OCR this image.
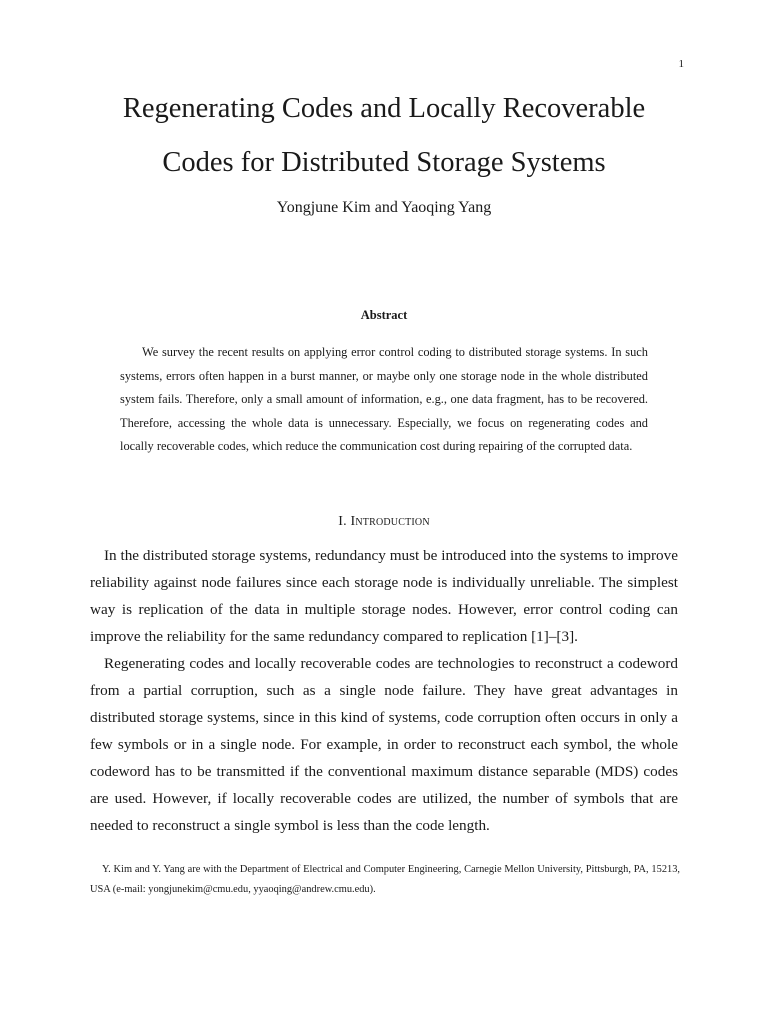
1
Regenerating Codes and Locally Recoverable
Codes for Distributed Storage Systems
Yongjune Kim and Yaoqing Yang
Abstract

We survey the recent results on applying error control coding to distributed storage systems. In such systems, errors often happen in a burst manner, or maybe only one storage node in the whole distributed system fails. Therefore, only a small amount of information, e.g., one data fragment, has to be recovered. Therefore, accessing the whole data is unnecessary. Especially, we focus on regenerating codes and locally recoverable codes, which reduce the communication cost during repairing of the corrupted data.

I. Introduction

In the distributed storage systems, redundancy must be introduced into the systems to improve reliability against node failures since each storage node is individually unreliable. The simplest way is replication of the data in multiple storage nodes. However, error control coding can improve the reliability for the same redundancy compared to replication [1]–[3].

Regenerating codes and locally recoverable codes are technologies to reconstruct a codeword from a partial corruption, such as a single node failure. They have great advantages in distributed storage systems, since in this kind of systems, code corruption often occurs in only a few symbols or in a single node. For example, in order to reconstruct each symbol, the whole codeword has to be transmitted if the conventional maximum distance separable (MDS) codes are used. However, if locally recoverable codes are utilized, the number of symbols that are needed to reconstruct a single symbol is less than the code length.

Y. Kim and Y. Yang are with the Department of Electrical and Computer Engineering, Carnegie Mellon University, Pittsburgh, PA, 15213, USA (e-mail: yongjunekim@cmu.edu, yyaoqing@andrew.cmu.edu).
